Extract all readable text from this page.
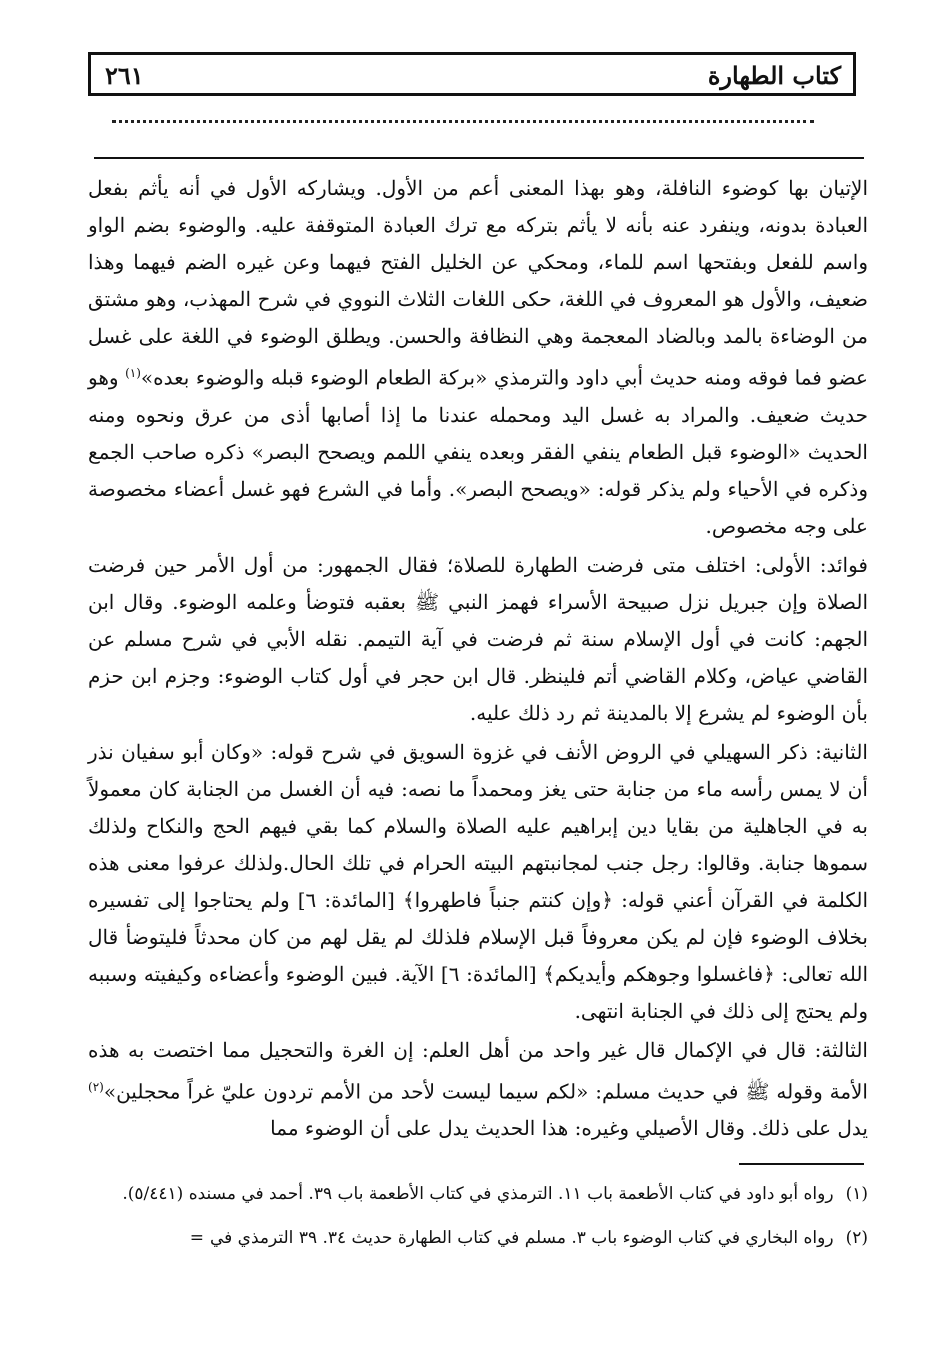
كتاب الطهارة
٢٦١

الإتيان بها كوضوء النافلة، وهو بهذا المعنى أعم من الأول. ويشاركه الأول في أنه يأثم بفعل العبادة بدونه، وينفرد عنه بأنه لا يأثم بتركه مع ترك العبادة المتوقفة عليه. والوضوء بضم الواو واسم للفعل وبفتحها اسم للماء، ومحكي عن الخليل الفتح فيهما وعن غيره الضم فيهما وهذا ضعيف، والأول هو المعروف في اللغة، حكى اللغات الثلاث النووي في شرح المهذب، وهو مشتق من الوضاءة بالمد وبالضاد المعجمة وهي النظافة والحسن. ويطلق الوضوء في اللغة على غسل عضو فما فوقه ومنه حديث أبي داود والترمذي «بركة الطعام الوضوء قبله والوضوء بعده»$^{(١)}$ وهو حديث ضعيف. والمراد به غسل اليد ومحمله عندنا ما إذا أصابها أذى من عرق ونحوه ومنه الحديث «الوضوء قبل الطعام ينفي الفقر وبعده ينفي اللمم ويصحح البصر» ذكره صاحب الجمع وذكره في الأحياء ولم يذكر قوله: «ويصحح البصر». وأما في الشرع فهو غسل أعضاء مخصوصة على وجه مخصوص.

فوائد: الأولى: اختلف متى فرضت الطهارة للصلاة؛ فقال الجمهور: من أول الأمر حين فرضت الصلاة وإن جبريل نزل صبيحة الأسراء فهمز النبي ﷺ بعقبه فتوضأ وعلمه الوضوء. وقال ابن الجهم: كانت في أول الإسلام سنة ثم فرضت في آية التيمم. نقله الأبي في شرح مسلم عن القاضي عياض، وكلام القاضي أتم فلينظر. قال ابن حجر في أول كتاب الوضوء: وجزم ابن حزم بأن الوضوء لم يشرع إلا بالمدينة ثم رد ذلك عليه.

الثانية: ذكر السهيلي في الروض الأنف في غزوة السويق في شرح قوله: «وكان أبو سفيان نذر أن لا يمس رأسه ماء من جنابة حتى يغز ومحمداً ما نصه: فيه أن الغسل من الجنابة كان معمولاً به في الجاهلية من بقايا دين إبراهيم عليه الصلاة والسلام كما بقي فيهم الحج والنكاح ولذلك سموها جنابة. وقالوا: رجل جنب لمجانبتهم البيته الحرام في تلك الحال.ولذلك عرفوا معنى هذه الكلمة في القرآن أعني قوله: ﴿وإن كنتم جنباً فاطهروا﴾ [المائدة: ٦] ولم يحتاجوا إلى تفسيره بخلاف الوضوء فإن لم يكن معروفاً قبل الإسلام فلذلك لم يقل لهم من كان محدثاً فليتوضأ قال الله تعالى: ﴿فاغسلوا وجوهكم وأيديكم﴾ [المائدة: ٦] الآية. فبين الوضوء وأعضاءه وكيفيته وسببه ولم يحتج إلى ذلك في الجنابة انتهى.

الثالثة: قال في الإكمال قال غير واحد من أهل العلم: إن الغرة والتحجيل مما اختصت به هذه الأمة وقوله ﷺ في حديث مسلم: «لكم سيما ليست لأحد من الأمم تردون عليّ غراً محجلين»$^{(٢)}$ يدل على ذلك. وقال الأصيلي وغيره: هذا الحديث يدل على أن الوضوء مما

(١)رواه أبو داود في كتاب الأطعمة باب ١١. الترمذي في كتاب الأطعمة باب ٣٩. أحمد في مسنده (٥/٤٤١).

(٢)رواه البخاري في كتاب الوضوء باب ٣. مسلم في كتاب الطهارة حديث ٣٤. ٣٩ الترمذي في=
